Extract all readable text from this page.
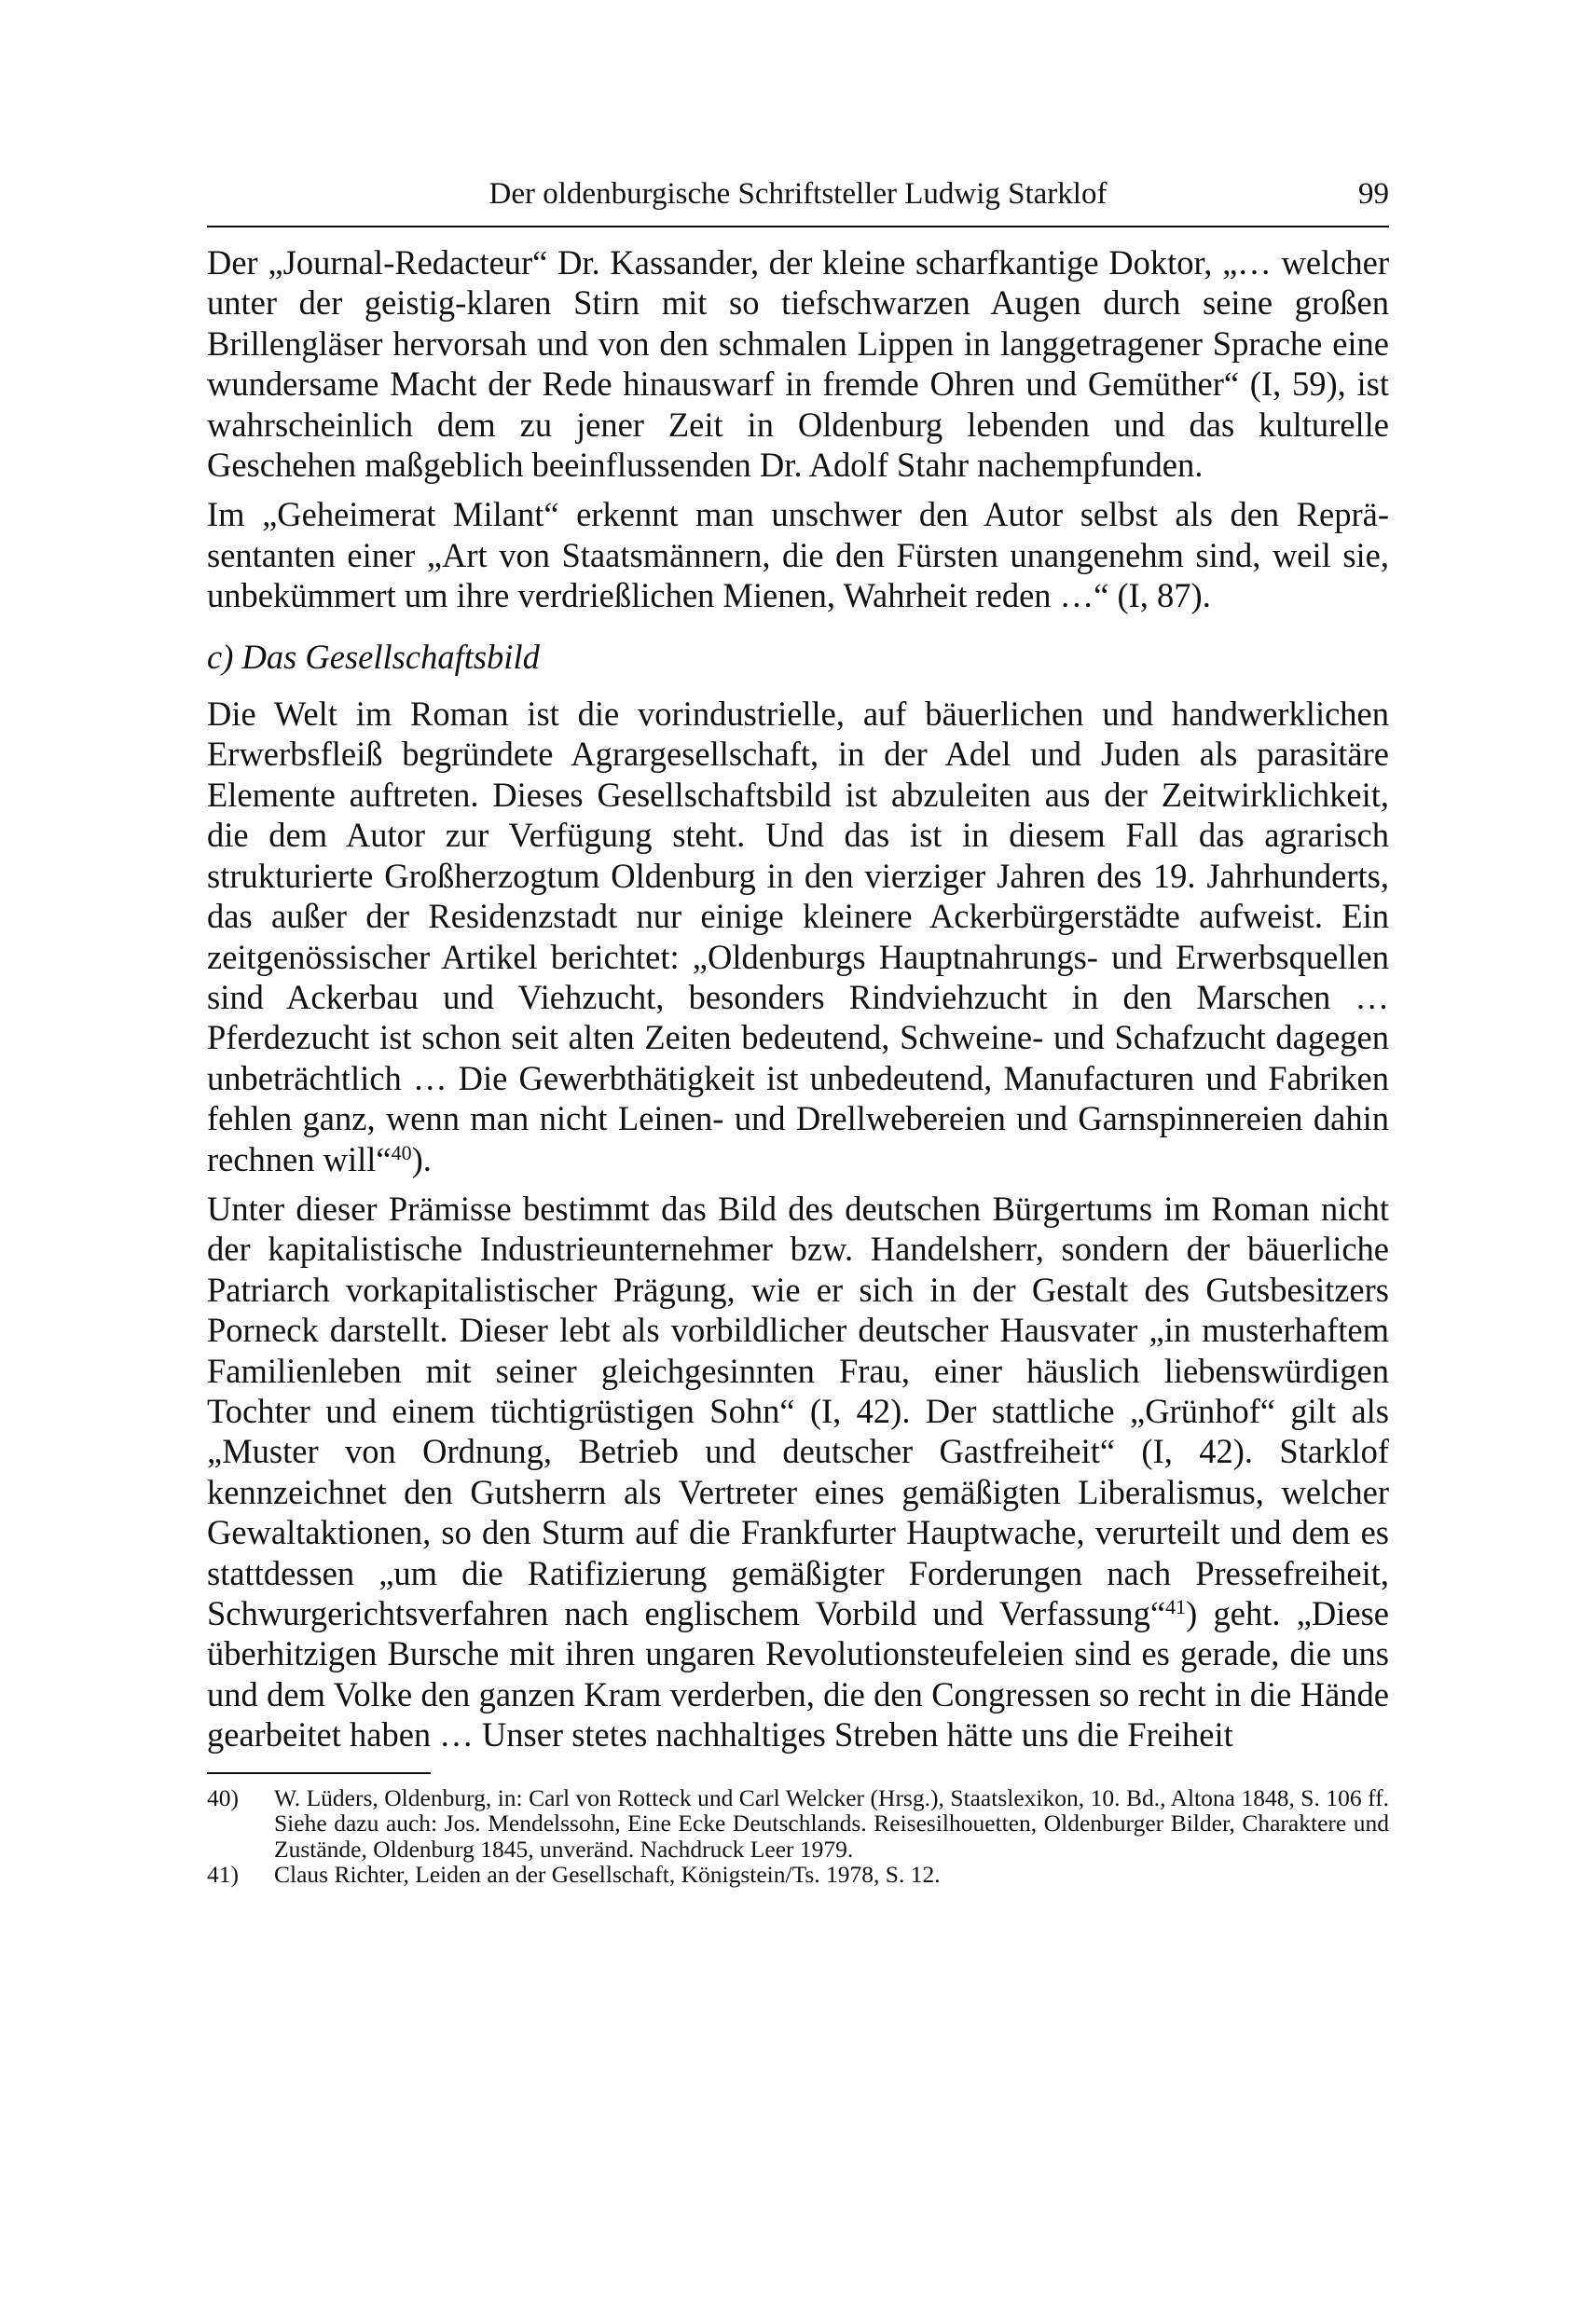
Der oldenburgische Schriftsteller Ludwig Starklof	99

Der „Journal-Redacteur“ Dr. Kassander, der kleine scharfkantige Doktor, „… welcher unter der geistig-klaren Stirn mit so tiefschwarzen Augen durch seine großen Brillengläser hervorsah und von den schmalen Lippen in langgetragener Sprache eine wundersame Macht der Rede hinauswarf in fremde Ohren und Gemüther“ (I, 59), ist wahrscheinlich dem zu jener Zeit in Oldenburg lebenden und das kulturelle Geschehen maßgeblich beeinflussenden Dr. Adolf Stahr nachempfunden.

Im „Geheimerat Milant“ erkennt man unschwer den Autor selbst als den Repräsentanten einer „Art von Staatsmännern, die den Fürsten unangenehm sind, weil sie, unbekümmert um ihre verdrießlichen Mienen, Wahrheit reden …“ (I, 87).

c) Das Gesellschaftsbild

Die Welt im Roman ist die vorindustrielle, auf bäuerlichen und handwerklichen Erwerbsfleiß begründete Agrargesellschaft, in der Adel und Juden als parasitäre Elemente auftreten. Dieses Gesellschaftsbild ist abzuleiten aus der Zeitwirklichkeit, die dem Autor zur Verfügung steht. Und das ist in diesem Fall das agrarisch strukturierte Großherzogtum Oldenburg in den vierziger Jahren des 19. Jahrhunderts, das außer der Residenzstadt nur einige kleinere Ackerbürgerstädte aufweist. Ein zeitgenössischer Artikel berichtet: „Oldenburgs Hauptnahrungs- und Erwerbsquellen sind Ackerbau und Viehzucht, besonders Rindviehzucht in den Marschen … Pferdezucht ist schon seit alten Zeiten bedeutend, Schweine- und Schafzucht dagegen unbeträchtlich … Die Gewerbthätigkeit ist unbedeutend, Manufacturen und Fabriken fehlen ganz, wenn man nicht Leinen- und Drellwebereien und Garnspinnereien dahin rechnen will“$^{40}$).

Unter dieser Prämisse bestimmt das Bild des deutschen Bürgertums im Roman nicht der kapitalistische Industrieunternehmer bzw. Handelsherr, sondern der bäuerliche Patriarch vorkapitalistischer Prägung, wie er sich in der Gestalt des Gutsbesitzers Porneck darstellt. Dieser lebt als vorbildlicher deutscher Hausvater „in musterhaftem Familienleben mit seiner gleichgesinnten Frau, einer häuslich liebenswürdigen Tochter und einem tüchtigrüstigen Sohn“ (I, 42). Der stattliche „Grünhof“ gilt als „Muster von Ordnung, Betrieb und deutscher Gastfreiheit“ (I, 42). Starklof kennzeichnet den Gutsherrn als Vertreter eines gemäßigten Liberalismus, welcher Gewaltaktionen, so den Sturm auf die Frankfurter Hauptwache, verurteilt und dem es stattdessen „um die Ratifizierung gemäßigter Forderungen nach Pressefreiheit, Schwurgerichtsverfahren nach englischem Vorbild und Verfassung“$^{41}$) geht. „Diese überhitzigen Bursche mit ihren ungaren Revolutionsteufeleien sind es gerade, die uns und dem Volke den ganzen Kram verderben, die den Congressen so recht in die Hände gearbeitet haben … Unser stetes nachhaltiges Streben hätte uns die Freiheit

40) W. Lüders, Oldenburg, in: Carl von Rotteck und Carl Welcker (Hrsg.), Staatslexikon, 10. Bd., Altona 1848, S. 106 ff. Siehe dazu auch: Jos. Mendelssohn, Eine Ecke Deutschlands. Reisesilhouetten, Oldenburger Bilder, Charaktere und Zustände, Oldenburg 1845, unveränd. Nachdruck Leer 1979.
41) Claus Richter, Leiden an der Gesellschaft, Königstein/Ts. 1978, S. 12.
